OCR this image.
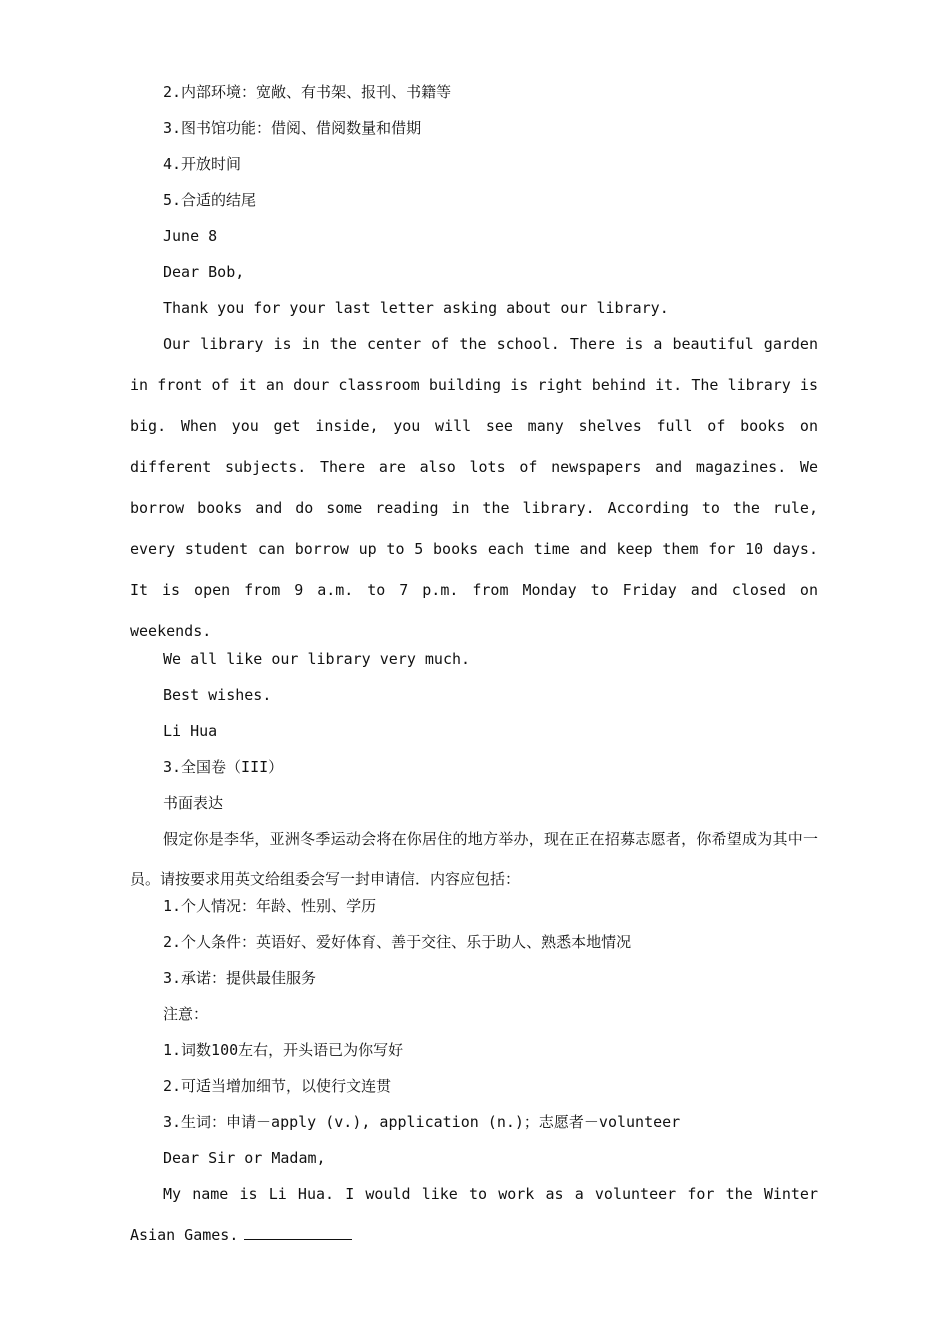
2.内部环境：宽敞、有书架、报刊、书籍等
3.图书馆功能：借阅、借阅数量和借期
4.开放时间
5.合适的结尾
June 8
Dear Bob,
Thank you for your last letter asking about our library.
Our library is in the center of the school. There is a beautiful garden in front of it an dour classroom building is right behind it. The library is big. When you get inside, you will see many shelves full of books on different subjects. There are also lots of newspapers and magazines. We borrow books and do some reading in the library. According to the rule, every student can borrow up to 5 books each time and keep them for 10 days. It is open from 9 a.m. to 7 p.m. from Monday to Friday and closed on weekends.
We all like our library very much.
Best wishes.
Li Hua
3.全国卷（III）
书面表达
假定你是李华，亚洲冬季运动会将在你居住的地方举办，现在正在招募志愿者，你希望成为其中一员。请按要求用英文给组委会写一封申请信．内容应包括：
1.个人情况：年龄、性别、学历
2.个人条件：英语好、爱好体育、善于交往、乐于助人、熟悉本地情况
3.承诺：提供最佳服务
注意：
1.词数100左右，开头语已为你写好
2.可适当增加细节，以使行文连贯
3.生词：申请－apply (v.), application (n.)；志愿者－volunteer
Dear Sir or Madam,
My name is Li Hua. I would like to work as a volunteer for the Winter Asian Games.
